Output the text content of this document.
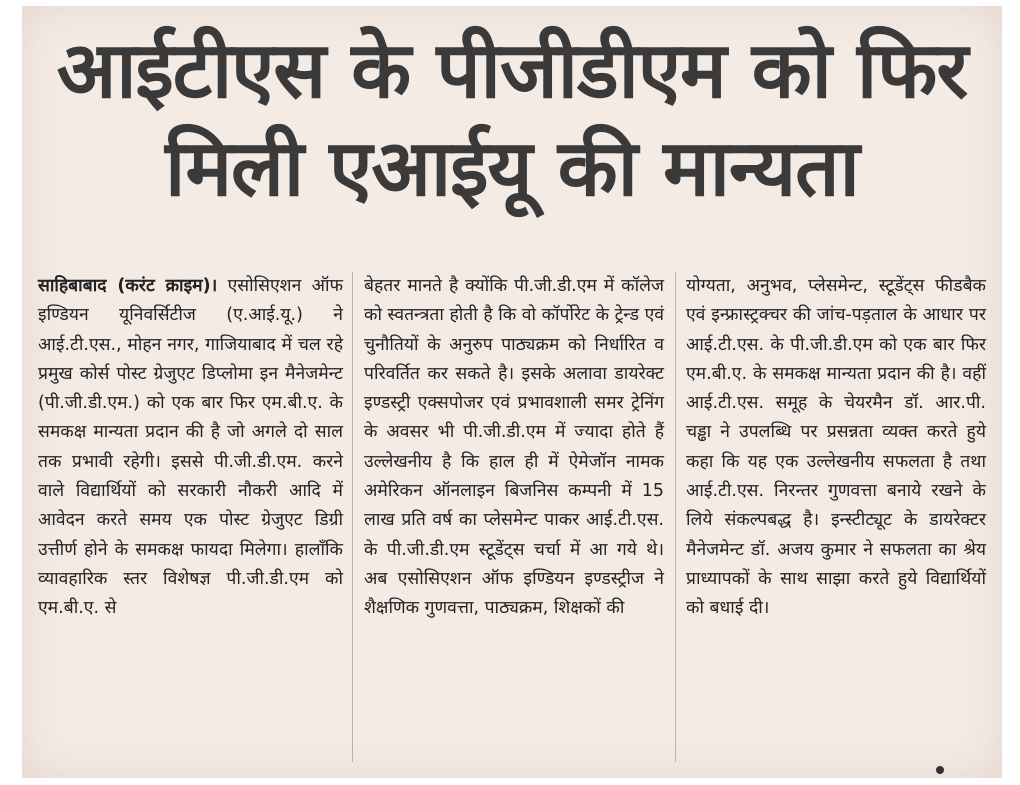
आईटीएस के पीजीडीएम को फिर
मिली एआईयू की मान्यता
साहिबाबाद (करंट क्राइम)। एसोसिएशन ऑफ इण्डियन यूनिवर्सिटीज (ए.आई.यू.) ने आई.टी.एस., मोहन नगर, गाजियाबाद में चल रहे प्रमुख कोर्स पोस्ट ग्रेजुएट डिप्लोमा इन मैनेजमेन्ट (पी.जी.डी.एम.) को एक बार फिर एम.बी.ए. के समकक्ष मान्यता प्रदान की है जो अगले दो साल तक प्रभावी रहेगी। इससे पी.जी.डी.एम. करने वाले विद्यार्थियों को सरकारी नौकरी आदि में आवेदन करते समय एक पोस्ट ग्रेजुएट डिग्री उत्तीर्ण होने के समकक्ष फायदा मिलेगा। हालाँकि व्यावहारिक स्तर विशेषज्ञ पी.जी.डी.एम को एम.बी.ए. से
बेहतर मानते है क्योंकि पी.जी.डी.एम में कॉलेज को स्वतन्त्रता होती है कि वो कॉर्पोरेट के ट्रेन्ड एवं चुनौतियों के अनुरुप पाठ्यक्रम को निर्धारित व परिवर्तित कर सकते है। इसके अलावा डायरेक्ट इण्डस्ट्री एक्सपोजर एवं प्रभावशाली समर ट्रेनिंग के अवसर भी पी.जी.डी.एम में ज्यादा होते हैं उल्लेखनीय है कि हाल ही में ऐमेजॉन नामक अमेरिकन ऑनलाइन बिजनिस कम्पनी में 15 लाख प्रति वर्ष का प्लेसमेन्ट पाकर आई.टी.एस. के पी.जी.डी.एम स्टूडेंट्स चर्चा में आ गये थे। अब एसोसिएशन ऑफ इण्डियन इण्डस्ट्रीज ने शैक्षणिक गुणवत्ता, पाठ्यक्रम, शिक्षकों की
योग्यता, अनुभव, प्लेसमेन्ट, स्टूडेंट्स फीडबैक एवं इन्फ्रास्ट्रक्चर की जांच-पड़ताल के आधार पर आई.टी.एस. के पी.जी.डी.एम को एक बार फिर एम.बी.ए. के समकक्ष मान्यता प्रदान की है। वहीं आई.टी.एस. समूह के चेयरमैन डॉ. आर.पी. चड्ढा ने उपलब्धि पर प्रसन्नता व्यक्त करते हुये कहा कि यह एक उल्लेखनीय सफलता है तथा आई.टी.एस. निरन्तर गुणवत्ता बनाये रखने के लिये संकल्पबद्ध है। इन्स्टीट्यूट के डायरेक्टर मैनेजमेन्ट डॉ. अजय कुमार ने सफलता का श्रेय प्राध्यापकों के साथ साझा करते हुये विद्यार्थियों को बधाई दी।
